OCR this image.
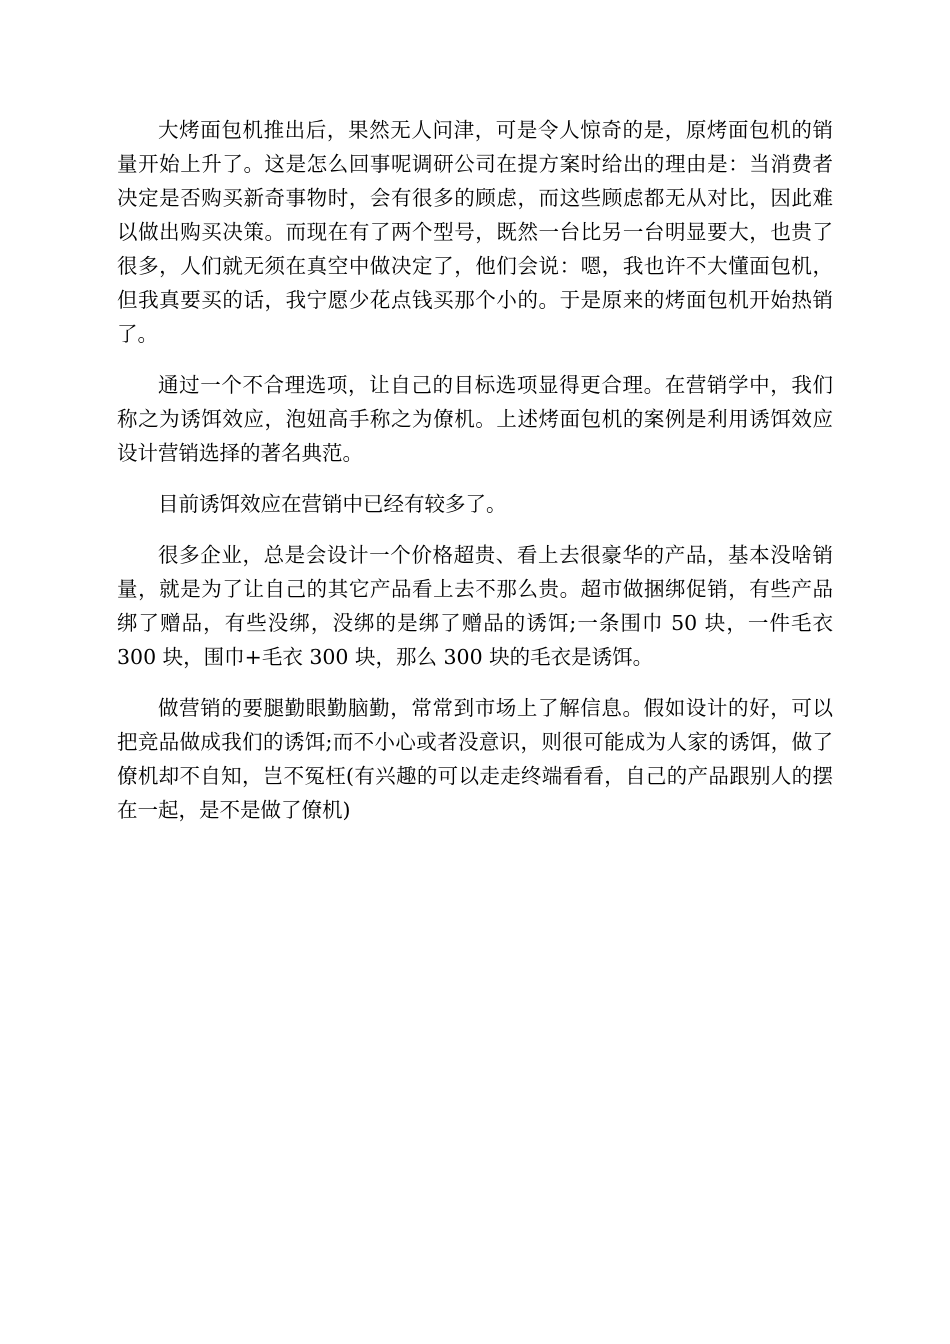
大烤面包机推出后，果然无人问津，可是令人惊奇的是，原烤面包机的销量开始上升了。这是怎么回事呢调研公司在提方案时给出的理由是：当消费者决定是否购买新奇事物时，会有很多的顾虑，而这些顾虑都无从对比，因此难以做出购买决策。而现在有了两个型号，既然一台比另一台明显要大，也贵了很多，人们就无须在真空中做决定了，他们会说：嗯，我也许不大懂面包机，但我真要买的话，我宁愿少花点钱买那个小的。于是原来的烤面包机开始热销了。

通过一个不合理选项，让自己的目标选项显得更合理。在营销学中，我们称之为诱饵效应，泡妞高手称之为僚机。上述烤面包机的案例是利用诱饵效应设计营销选择的著名典范。

目前诱饵效应在营销中已经有较多了。

很多企业，总是会设计一个价格超贵、看上去很豪华的产品，基本没啥销量，就是为了让自己的其它产品看上去不那么贵。超市做捆绑促销，有些产品绑了赠品，有些没绑，没绑的是绑了赠品的诱饵;一条围巾 50 块，一件毛衣 300 块，围巾+毛衣 300 块，那么 300 块的毛衣是诱饵。

做营销的要腿勤眼勤脑勤，常常到市场上了解信息。假如设计的好，可以把竞品做成我们的诱饵;而不小心或者没意识，则很可能成为人家的诱饵，做了僚机却不自知，岂不冤枉(有兴趣的可以走走终端看看，自己的产品跟别人的摆在一起，是不是做了僚机)
